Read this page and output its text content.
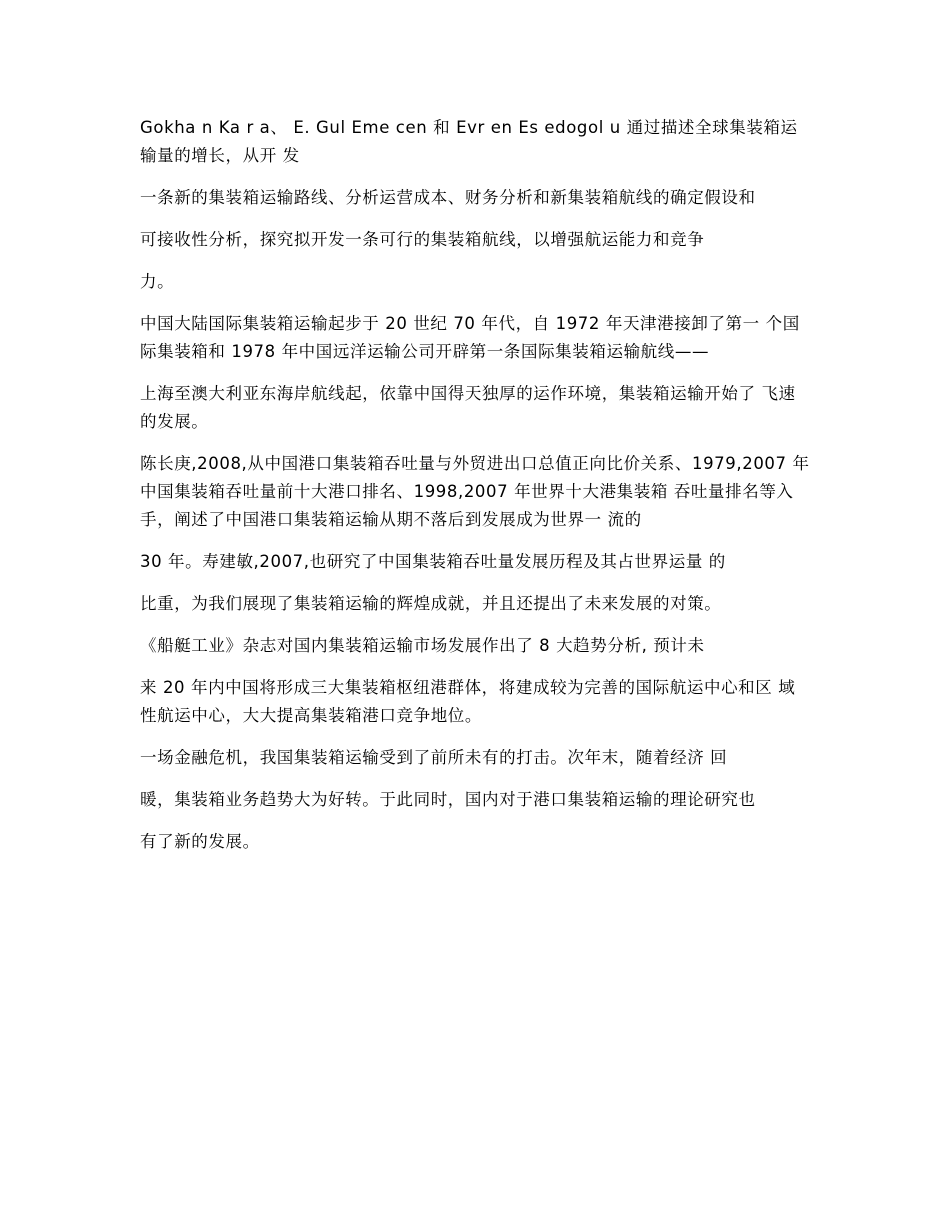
Gokha n Ka r a、 E. Gul Eme cen 和 Evr en Es edogol u 通过描述全球集装箱运输量的增长，从开 发

一条新的集装箱运输路线、分析运营成本、财务分析和新集装箱航线的确定假设和

可接收性分析，探究拟开发一条可行的集装箱航线，以增强航运能力和竞争

力。

中国大陆国际集装箱运输起步于 20 世纪 70 年代，自 1972 年天津港接卸了第一 个国际集装箱和 1978 年中国远洋运输公司开辟第一条国际集装箱运输航线——

上海至澳大利亚东海岸航线起，依靠中国得天独厚的运作环境，集装箱运输开始了 飞速的发展。

陈长庚,2008,从中国港口集装箱吞吐量与外贸进出口总值正向比价关系、1979,2007 年中国集装箱吞吐量前十大港口排名、1998,2007 年世界十大港集装箱 吞吐量排名等入手，阐述了中国港口集装箱运输从期不落后到发展成为世界一 流的

30 年。寿建敏,2007,也研究了中国集装箱吞吐量发展历程及其占世界运量 的

比重，为我们展现了集装箱运输的辉煌成就，并且还提出了未来发展的对策。

《船艇工业》杂志对国内集装箱运输市场发展作出了 8 大趋势分析, 预计未

来 20 年内中国将形成三大集装箱枢纽港群体，将建成较为完善的国际航运中心和区 域性航运中心，大大提高集装箱港口竞争地位。

一场金融危机，我国集装箱运输受到了前所未有的打击。次年末，随着经济 回

暖，集装箱业务趋势大为好转。于此同时，国内对于港口集装箱运输的理论研究也

有了新的发展。
